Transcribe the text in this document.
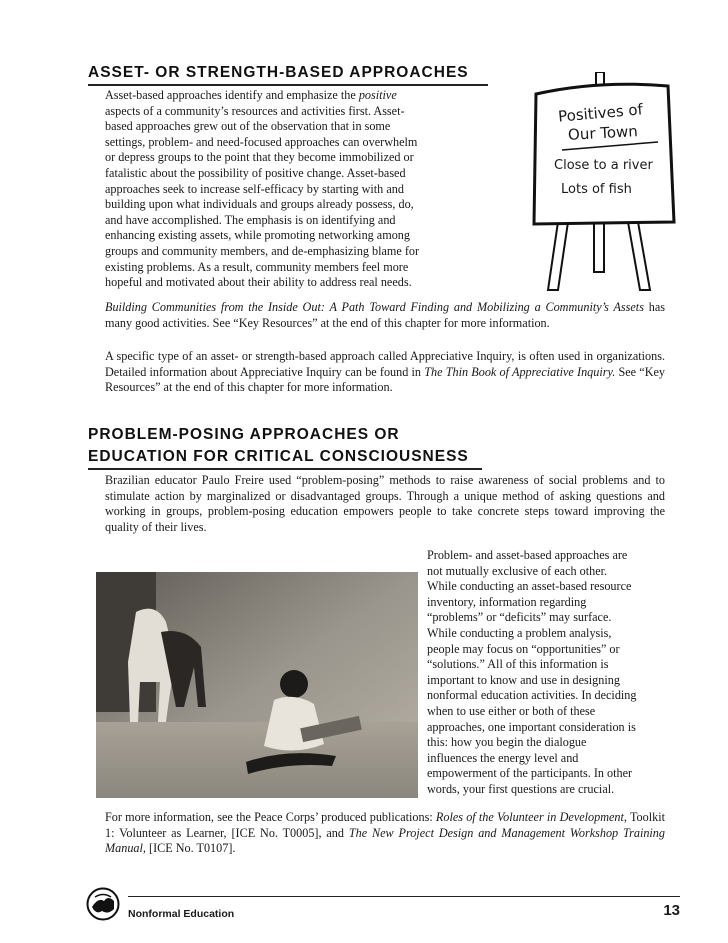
ASSET- OR STRENGTH-BASED APPROACHES
Asset-based approaches identify and emphasize the positive
aspects of a community’s resources and activities first. Asset-
based approaches grew out of the observation that in some
settings, problem- and need-focused approaches can overwhelm
or depress groups to the point that they become immobilized or
fatalistic about the possibility of positive change. Asset-based
approaches seek to increase self-efficacy by starting with and
building upon what individuals and groups already possess, do,
and have accomplished. The emphasis is on identifying and
enhancing existing assets, while promoting networking among
groups and community members, and de-emphasizing blame for
existing problems. As a result, community members feel more
hopeful and motivated about their ability to address real needs.
Positives of
Our Town
Close to a river
Lots of fish

Building Communities from the Inside Out: A Path Toward Finding and Mobilizing a Community’s Assets has many good activities. See “Key Resources” at the end of this chapter for more information.

A specific type of an asset- or strength-based approach called Appreciative Inquiry, is often used in organizations. Detailed information about Appreciative Inquiry can be found in The Thin Book of Appreciative Inquiry. See “Key Resources” at the end of this chapter for more information.

PROBLEM-POSING APPROACHES OR
EDUCATION FOR CRITICAL CONSCIOUSNESS

Brazilian educator Paulo Freire used “problem-posing” methods to raise awareness of social problems and to stimulate action by marginalized or disadvantaged groups. Through a unique method of asking questions and working in groups, problem-posing education empowers people to take concrete steps toward improving the quality of their lives.

Problem- and asset-based approaches are
not mutually exclusive of each other.
While conducting an asset-based resource
inventory, information regarding
“problems” or “deficits” may surface.
While conducting a problem analysis,
people may focus on “opportunities” or
“solutions.” All of this information is
important to know and use in designing
nonformal education activities. In deciding
when to use either or both of these
approaches, one important consideration is
this: how you begin the dialogue
influences the energy level and
empowerment of the participants. In other
words, your first questions are crucial.

For more information, see the Peace Corps’ produced publications: Roles of the Volunteer in Development, Toolkit 1: Volunteer as Learner, [ICE No. T0005], and The New Project Design and Management Workshop Training Manual, [ICE No. T0107].

Nonformal Education	13
